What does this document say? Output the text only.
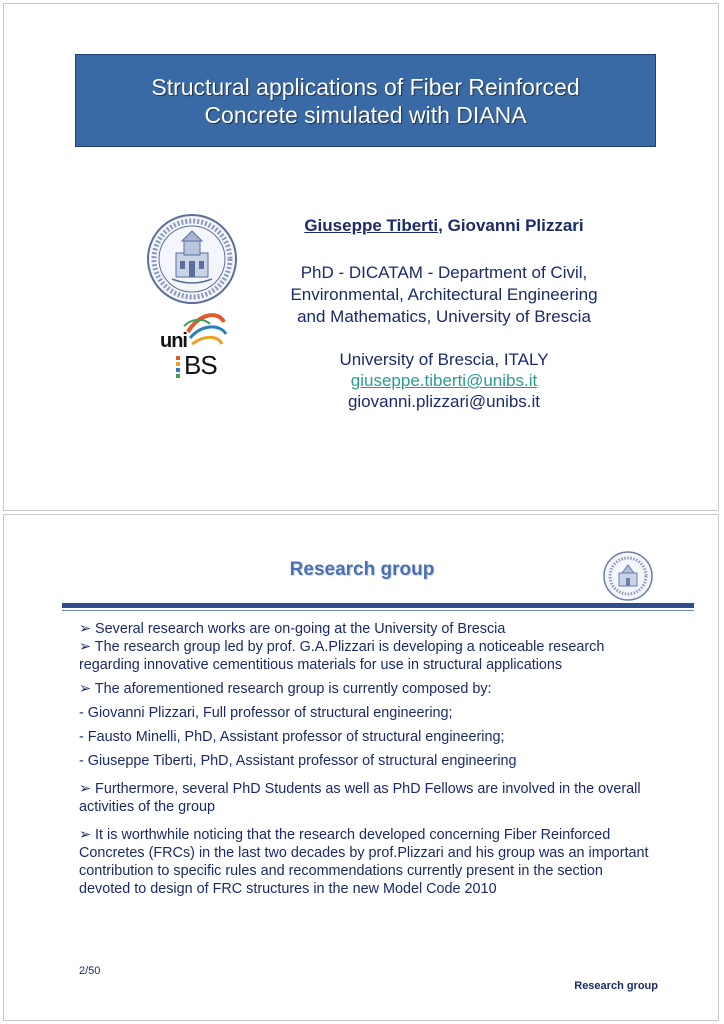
Structural applications of Fiber Reinforced
Concrete simulated with DIANA
uni
BS
Giuseppe Tiberti, Giovanni Plizzari
PhD - DICATAM - Department of Civil,
Environmental, Architectural Engineering
and Mathematics, University of Brescia
University of Brescia, ITALY
giuseppe.tiberti@unibs.it
giovanni.plizzari@unibs.it
Research group

➢ Several research works are on-going at the University of Brescia

➢ The research group led by prof. G.A.Plizzari is developing a noticeable research regarding innovative cementitious materials for use in structural applications

➢ The aforementioned research group is currently composed by:

- Giovanni Plizzari, Full professor of structural engineering;

- Fausto Minelli, PhD, Assistant professor of structural engineering;

- Giuseppe Tiberti, PhD, Assistant professor of structural engineering

➢ Furthermore, several PhD Students as well as PhD Fellows are involved in the overall activities of the group

➢ It is worthwhile noticing that the research developed concerning Fiber Reinforced Concretes (FRCs) in the last two decades by prof.Plizzari and his group was an important contribution to specific rules and recommendations currently present in the section devoted to design of FRC structures in the new Model Code 2010

2/50
Research group
